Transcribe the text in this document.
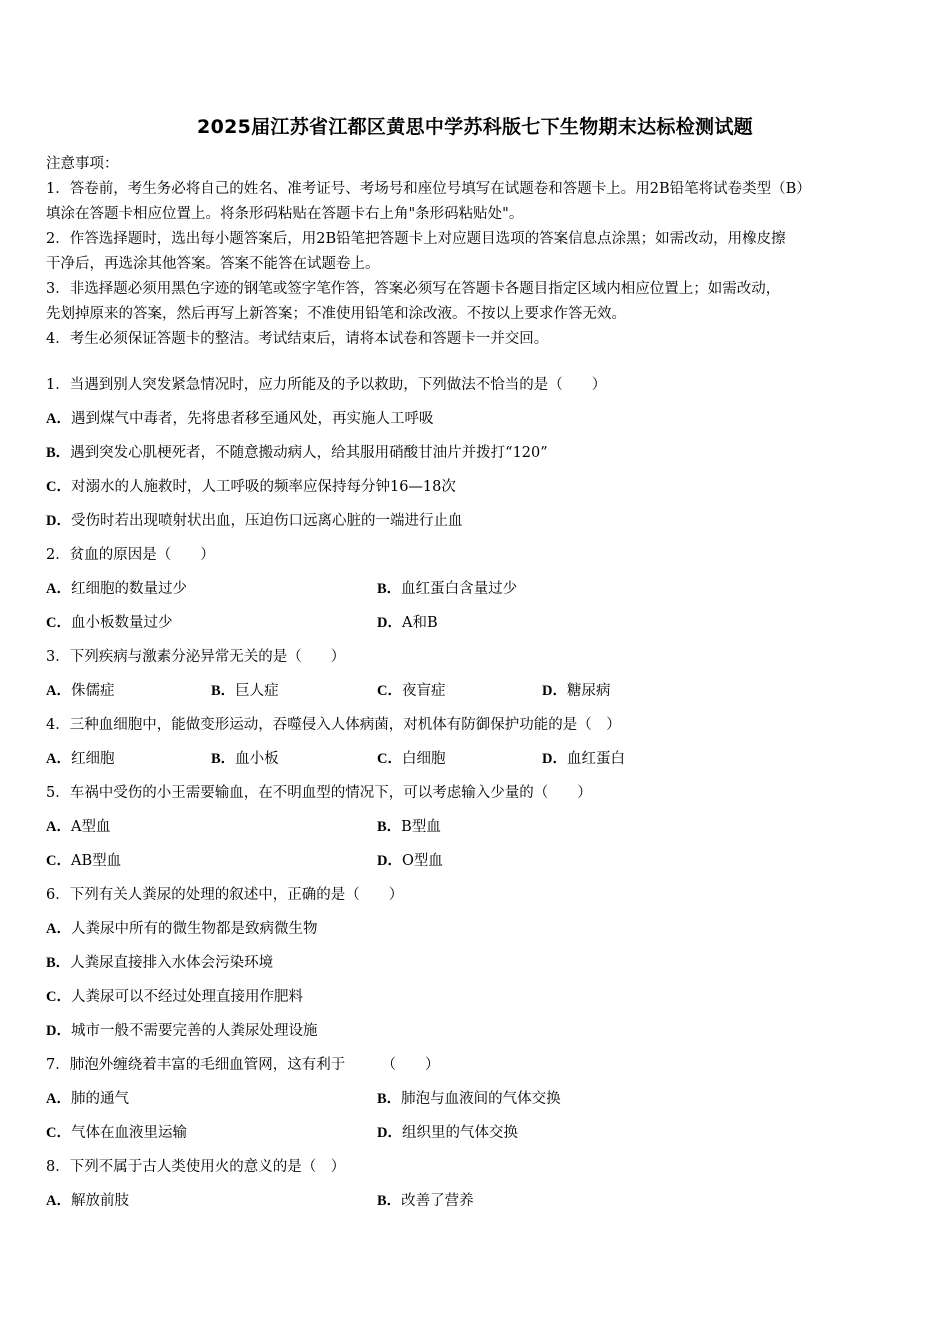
2025届江苏省江都区黄思中学苏科版七下生物期末达标检测试题

注意事项：

1．答卷前，考生务必将自己的姓名、准考证号、考场号和座位号填写在试题卷和答题卡上。用2B铅笔将试卷类型（B）

填涂在答题卡相应位置上。将条形码粘贴在答题卡右上角"条形码粘贴处"。

2．作答选择题时，选出每小题答案后，用2B铅笔把答题卡上对应题目选项的答案信息点涂黑；如需改动，用橡皮擦

干净后，再选涂其他答案。答案不能答在试题卷上。

3．非选择题必须用黑色字迹的钢笔或签字笔作答，答案必须写在答题卡各题目指定区域内相应位置上；如需改动，

先划掉原来的答案，然后再写上新答案；不准使用铅笔和涂改液。不按以上要求作答无效。

4．考生必须保证答题卡的整洁。考试结束后，请将本试卷和答题卡一并交回。

1．当遇到别人突发紧急情况时，应力所能及的予以救助，下列做法不恰当的是（　　）
A．遇到煤气中毒者，先将患者移至通风处，再实施人工呼吸
B．遇到突发心肌梗死者，不随意搬动病人，给其服用硝酸甘油片并拨打“120”
C．对溺水的人施救时，人工呼吸的频率应保持每分钟16—18次
D．受伤时若出现喷射状出血，压迫伤口远离心脏的一端进行止血
2．贫血的原因是（　　）
A．红细胞的数量过少	B．血红蛋白含量过少
C．血小板数量过少	D．A和B
3．下列疾病与激素分泌异常无关的是（　　）
A．侏儒症	B．巨人症	C．夜盲症	D．糖尿病
4．三种血细胞中，能做变形运动，吞噬侵入人体病菌，对机体有防御保护功能的是（　）
A．红细胞	B．血小板	C．白细胞	D．血红蛋白
5．车祸中受伤的小王需要输血，在不明血型的情况下，可以考虑输入少量的（　　）
A．A型血	B．B型血
C．AB型血	D．O型血
6．下列有关人粪尿的处理的叙述中，正确的是（　　）
A．人粪尿中所有的微生物都是致病微生物
B．人粪尿直接排入水体会污染环境
C．人粪尿可以不经过处理直接用作肥料
D．城市一般不需要完善的人粪尿处理设施
7．肺泡外缠绕着丰富的毛细血管网，这有利于　　　（　　）
A．肺的通气	B．肺泡与血液间的气体交换
C．气体在血液里运输	D．组织里的气体交换
8．下列不属于古人类使用火的意义的是（　）
A．解放前肢	B．改善了营养
